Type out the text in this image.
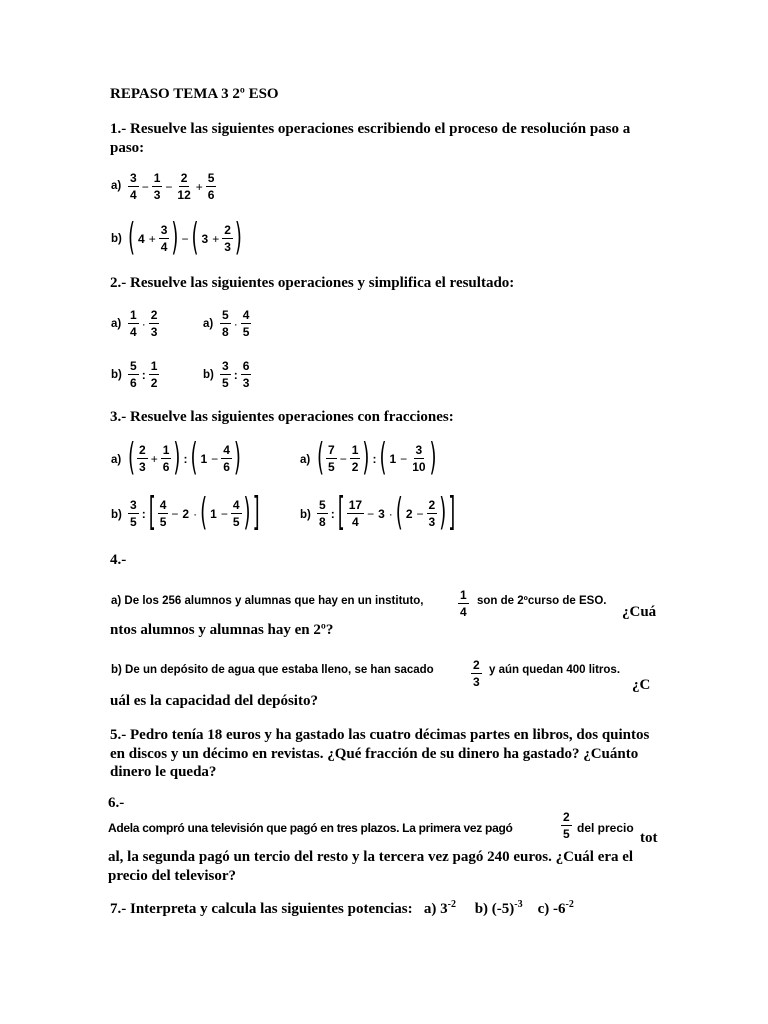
REPASO TEMA 3 2º ESO
1.- Resuelve las siguientes operaciones escribiendo el proceso de resolución paso a paso:
$a) \frac{3}{4} - \frac{1}{3} - \frac{2}{12} + \frac{5}{6}$
b) ( $4 + \frac{3}{4}$ ) − ( $3 + \frac{2}{3}$ )
2.- Resuelve las siguientes operaciones y simplifica el resultado:
$a) \frac{1}{4} \cdot \frac{2}{3}$	$a) \frac{5}{8} \cdot \frac{4}{5}$
$b) \frac{5}{6}$ : $\frac{1}{2}$	$b) \frac{3}{5}$ : $\frac{6}{3}$
3.- Resuelve las siguientes operaciones con fracciones:
a) ( $\frac{2}{3} + \frac{1}{6}$ ) : ( $1 - \frac{4}{6}$ )	a) ( $\frac{7}{5} - \frac{1}{2}$ ) : ( $1 - \frac{3}{10}$ )
$b) \frac{3}{5}$ : [ $\frac{4}{5} - 2$ · ( $1 - \frac{4}{5}$ ) ]	$b) \frac{5}{8}$ : [ $\frac{17}{4} - 3$ · ( $2 - \frac{2}{3}$ ) ]
4.-
a) De los 256 alumnos y alumnas que hay en un instituto,	$\frac{1}{4}$ son de 2ºcurso de ESO.
¿Cuá
ntos alumnos y alumnas hay en 2º?
b) De un depósito de agua que estaba lleno, se han sacado	$\frac{2}{3}$ y aún quedan 400 litros.
¿C
uál es la capacidad del depósito?
5.- Pedro tenía 18 euros y ha gastado las cuatro décimas partes en libros, dos quintos en discos y un décimo en revistas. ¿Qué fracción de su dinero ha gastado? ¿Cuánto dinero le queda?
6.-
Adela compró una televisión que pagó en tres plazos. La primera vez pagó	$\frac{2}{5}$ del precio
tot
al, la segunda pagó un tercio del resto y la tercera vez pagó 240 euros. ¿Cuál era el precio del televisor?
7.- Interpreta y calcula las siguientes potencias: a) $3^{-2}$ b) $(-5)^{-3}$ c) $-6^{-2}$
